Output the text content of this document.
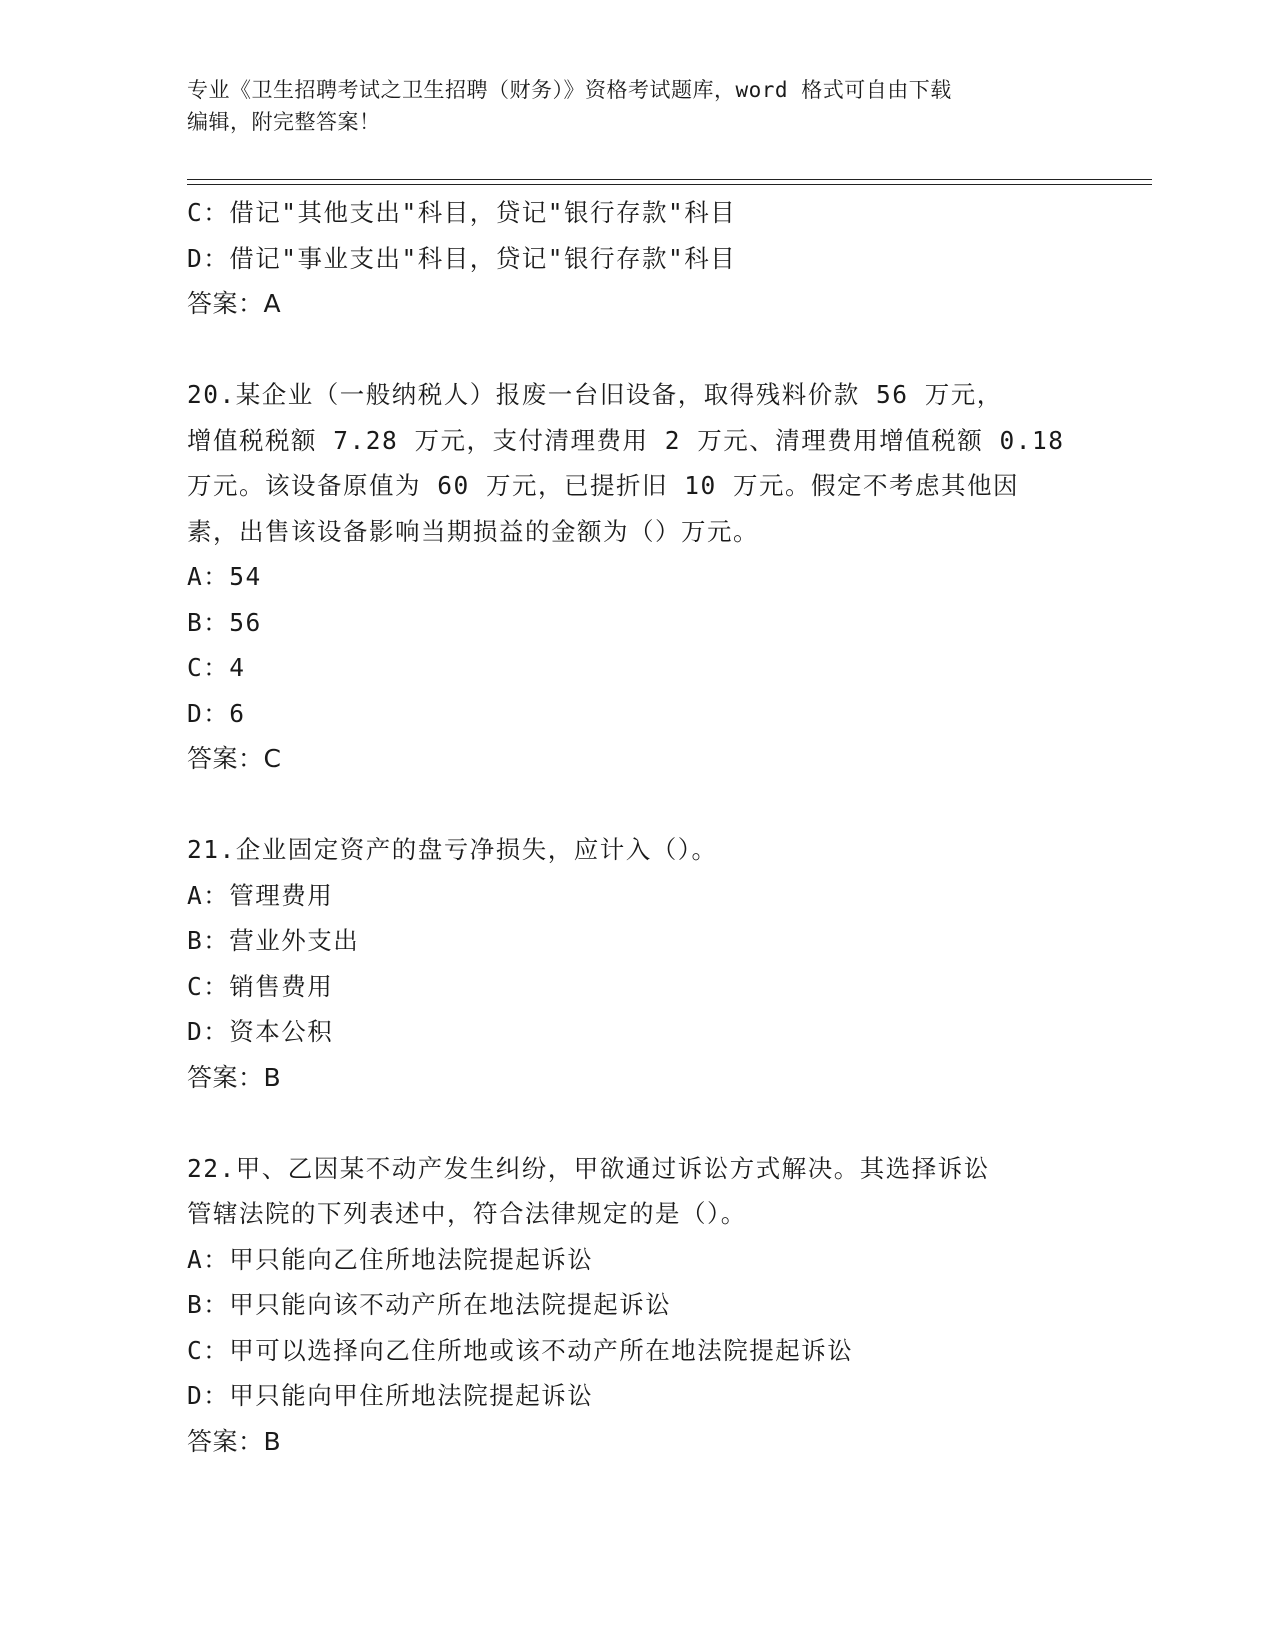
专业《卫生招聘考试之卫生招聘（财务）》资格考试题库，word 格式可自由下载
编辑，附完整答案！
C：借记"其他支出"科目，贷记"银行存款"科目
D：借记"事业支出"科目，贷记"银行存款"科目
答案：A
20.某企业（一般纳税人）报废一台旧设备，取得残料价款 56 万元，
增值税税额 7.28 万元，支付清理费用 2 万元、清理费用增值税额 0.18
万元。该设备原值为 60 万元，已提折旧 10 万元。假定不考虑其他因
素，出售该设备影响当期损益的金额为（）万元。
A：54
B：56
C：4
D：6
答案：C
21.企业固定资产的盘亏净损失，应计入（）。
A：管理费用
B：营业外支出
C：销售费用
D：资本公积
答案：B
22.甲、乙因某不动产发生纠纷，甲欲通过诉讼方式解决。其选择诉讼
管辖法院的下列表述中，符合法律规定的是（）。
A：甲只能向乙住所地法院提起诉讼
B：甲只能向该不动产所在地法院提起诉讼
C：甲可以选择向乙住所地或该不动产所在地法院提起诉讼
D：甲只能向甲住所地法院提起诉讼
答案：B
